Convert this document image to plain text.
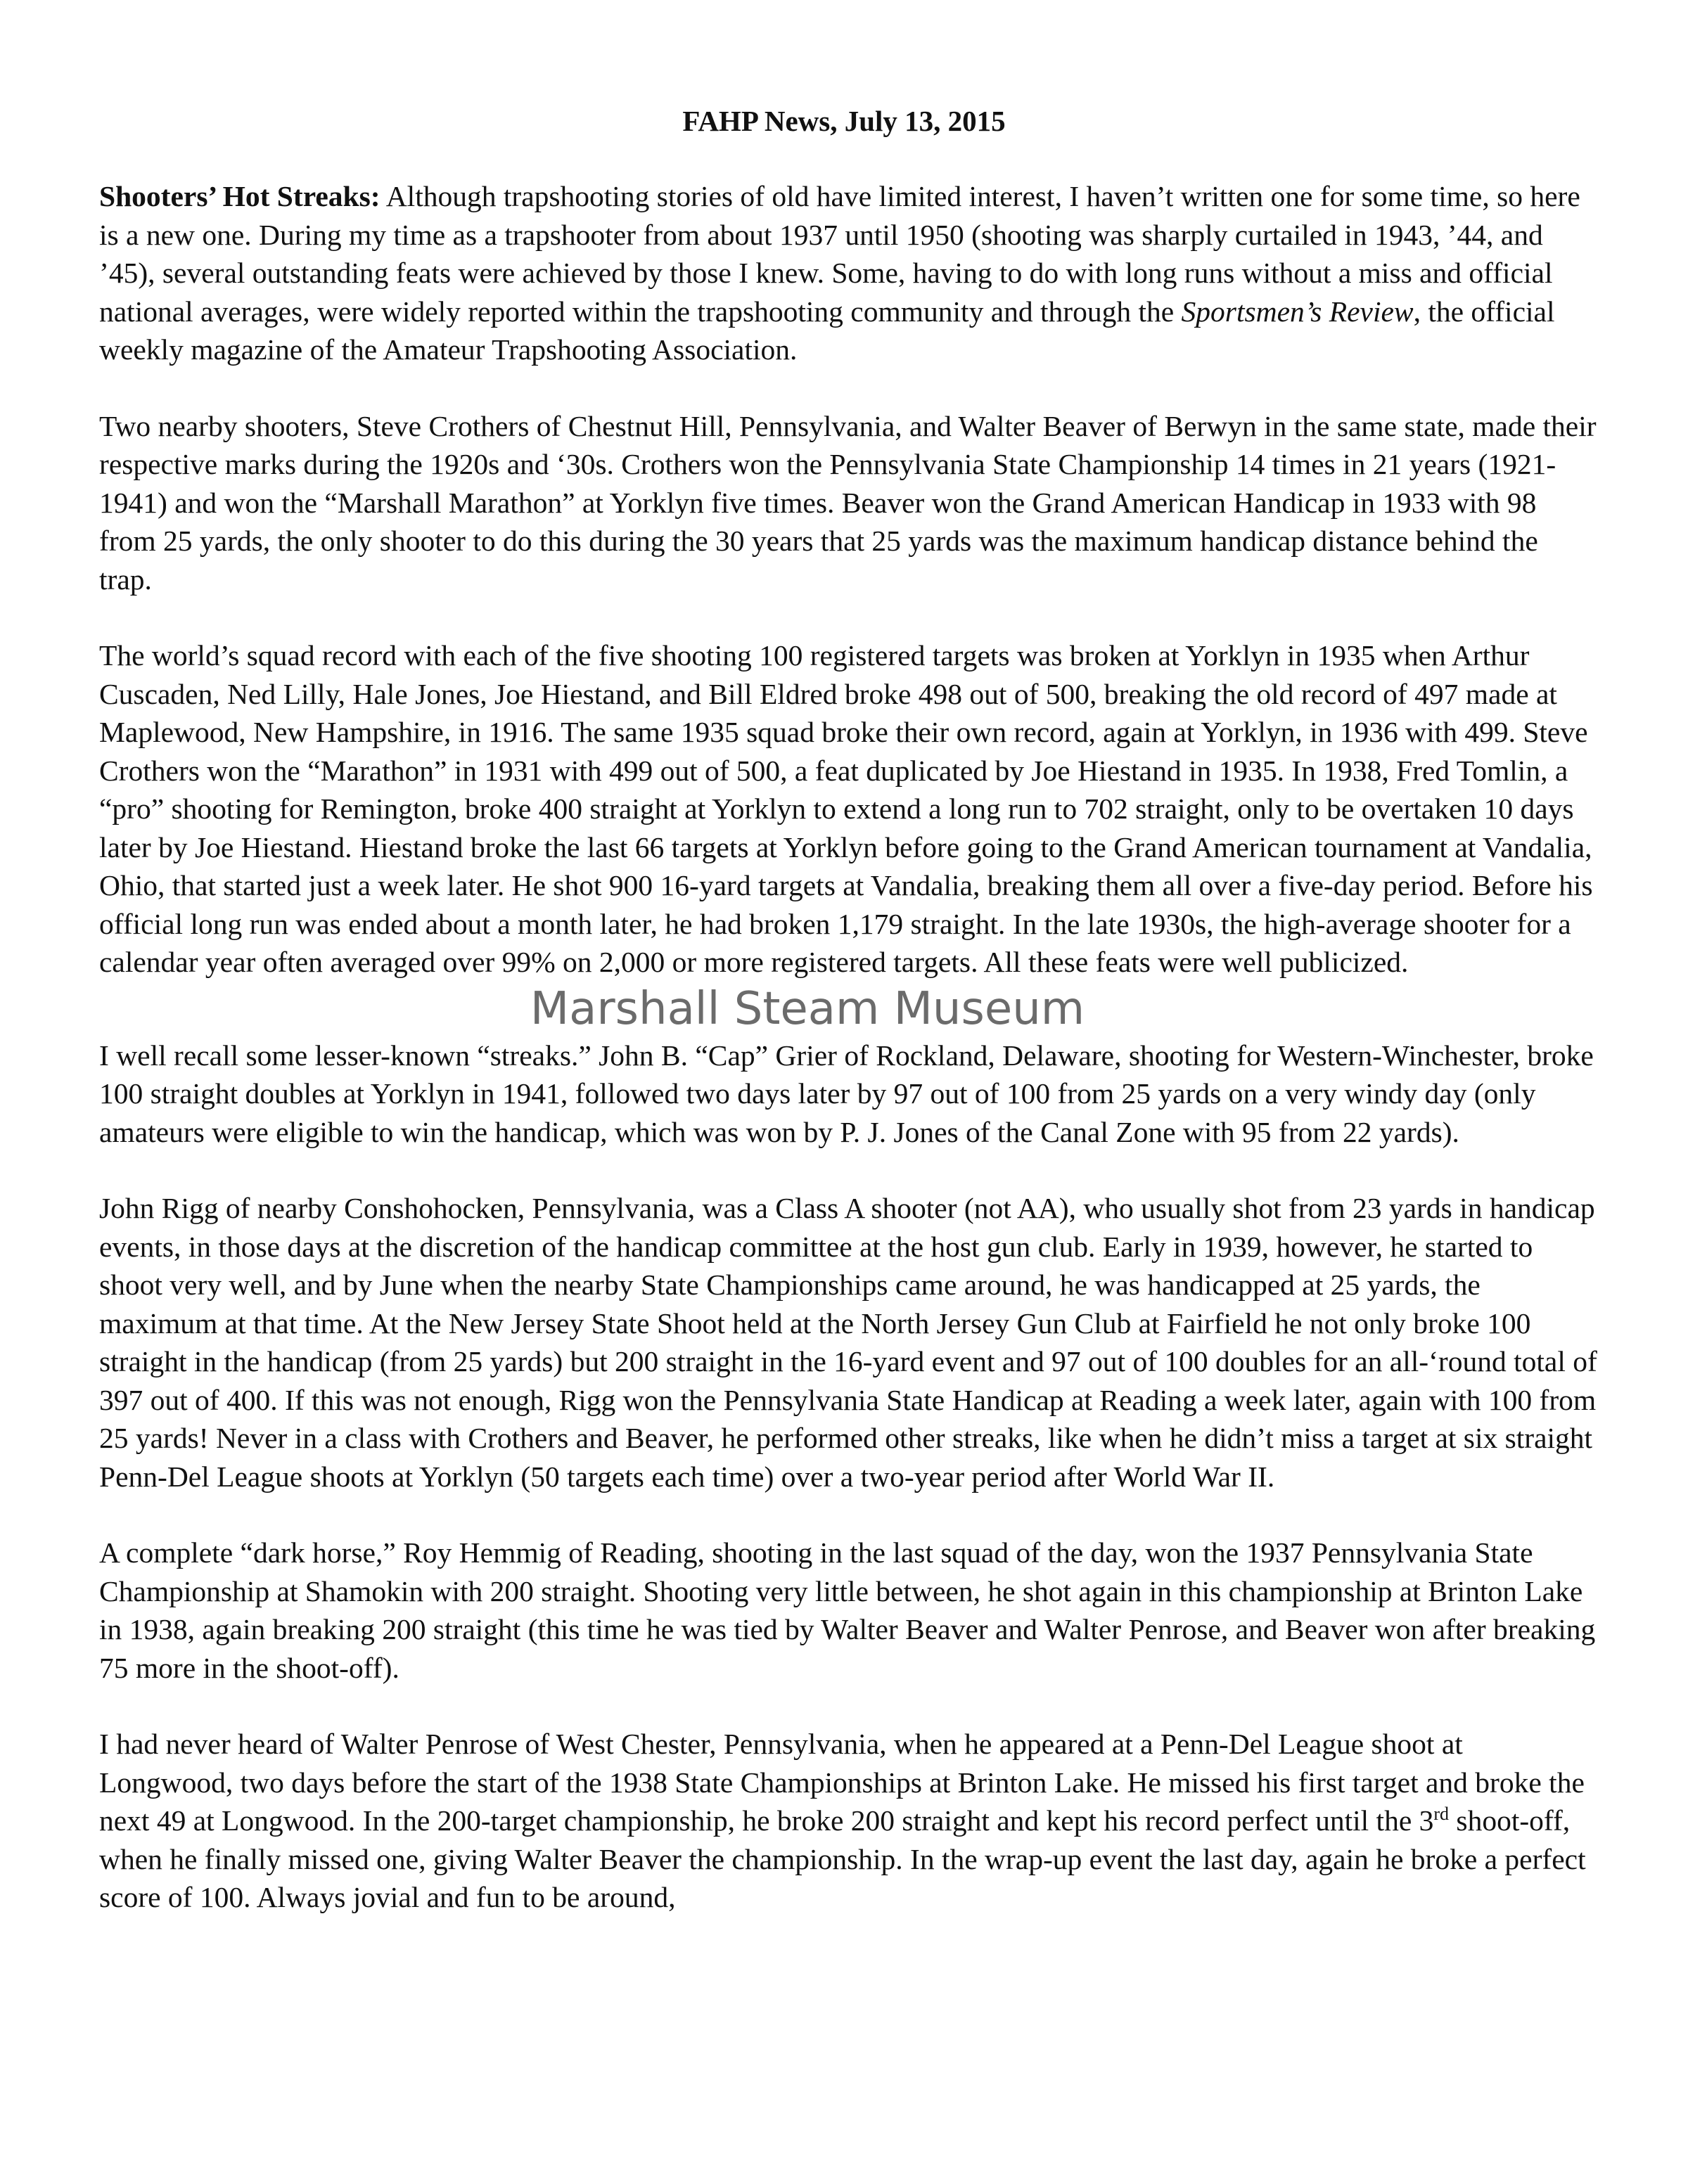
FAHP News, July 13, 2015

Shooters’ Hot Streaks: Although trapshooting stories of old have limited interest, I haven’t written one for some time, so here is a new one. During my time as a trapshooter from about 1937 until 1950 (shooting was sharply curtailed in 1943, ’44, and ’45), several outstanding feats were achieved by those I knew. Some, having to do with long runs without a miss and official national averages, were widely reported within the trapshooting community and through the Sportsmen’s Review, the official weekly magazine of the Amateur Trapshooting Association.

Two nearby shooters, Steve Crothers of Chestnut Hill, Pennsylvania, and Walter Beaver of Berwyn in the same state, made their respective marks during the 1920s and ‘30s. Crothers won the Pennsylvania State Championship 14 times in 21 years (1921-1941) and won the “Marshall Marathon” at Yorklyn five times. Beaver won the Grand American Handicap in 1933 with 98 from 25 yards, the only shooter to do this during the 30 years that 25 yards was the maximum handicap distance behind the trap.

The world’s squad record with each of the five shooting 100 registered targets was broken at Yorklyn in 1935 when Arthur Cuscaden, Ned Lilly, Hale Jones, Joe Hiestand, and Bill Eldred broke 498 out of 500, breaking the old record of 497 made at Maplewood, New Hampshire, in 1916. The same 1935 squad broke their own record, again at Yorklyn, in 1936 with 499. Steve Crothers won the “Marathon” in 1931 with 499 out of 500, a feat duplicated by Joe Hiestand in 1935. In 1938, Fred Tomlin, a “pro” shooting for Remington, broke 400 straight at Yorklyn to extend a long run to 702 straight, only to be overtaken 10 days later by Joe Hiestand. Hiestand broke the last 66 targets at Yorklyn before going to the Grand American tournament at Vandalia, Ohio, that started just a week later. He shot 900 16-yard targets at Vandalia, breaking them all over a five-day period. Before his official long run was ended about a month later, he had broken 1,179 straight. In the late 1930s, the high-average shooter for a calendar year often averaged over 99% on 2,000 or more registered targets. All these feats were well publicized.

Marshall Steam Museum

I well recall some lesser-known “streaks.” John B. “Cap” Grier of Rockland, Delaware, shooting for Western-Winchester, broke 100 straight doubles at Yorklyn in 1941, followed two days later by 97 out of 100 from 25 yards on a very windy day (only amateurs were eligible to win the handicap, which was won by P. J. Jones of the Canal Zone with 95 from 22 yards).

John Rigg of nearby Conshohocken, Pennsylvania, was a Class A shooter (not AA), who usually shot from 23 yards in handicap events, in those days at the discretion of the handicap committee at the host gun club. Early in 1939, however, he started to shoot very well, and by June when the nearby State Championships came around, he was handicapped at 25 yards, the maximum at that time. At the New Jersey State Shoot held at the North Jersey Gun Club at Fairfield he not only broke 100 straight in the handicap (from 25 yards) but 200 straight in the 16-yard event and 97 out of 100 doubles for an all-‘round total of 397 out of 400. If this was not enough, Rigg won the Pennsylvania State Handicap at Reading a week later, again with 100 from 25 yards! Never in a class with Crothers and Beaver, he performed other streaks, like when he didn’t miss a target at six straight Penn-Del League shoots at Yorklyn (50 targets each time) over a two-year period after World War II.

A complete “dark horse,” Roy Hemmig of Reading, shooting in the last squad of the day, won the 1937 Pennsylvania State Championship at Shamokin with 200 straight. Shooting very little between, he shot again in this championship at Brinton Lake in 1938, again breaking 200 straight (this time he was tied by Walter Beaver and Walter Penrose, and Beaver won after breaking 75 more in the shoot-off).

I had never heard of Walter Penrose of West Chester, Pennsylvania, when he appeared at a Penn-Del League shoot at Longwood, two days before the start of the 1938 State Championships at Brinton Lake. He missed his first target and broke the next 49 at Longwood. In the 200-target championship, he broke 200 straight and kept his record perfect until the 3rd shoot-off, when he finally missed one, giving Walter Beaver the championship. In the wrap-up event the last day, again he broke a perfect score of 100. Always jovial and fun to be around,
